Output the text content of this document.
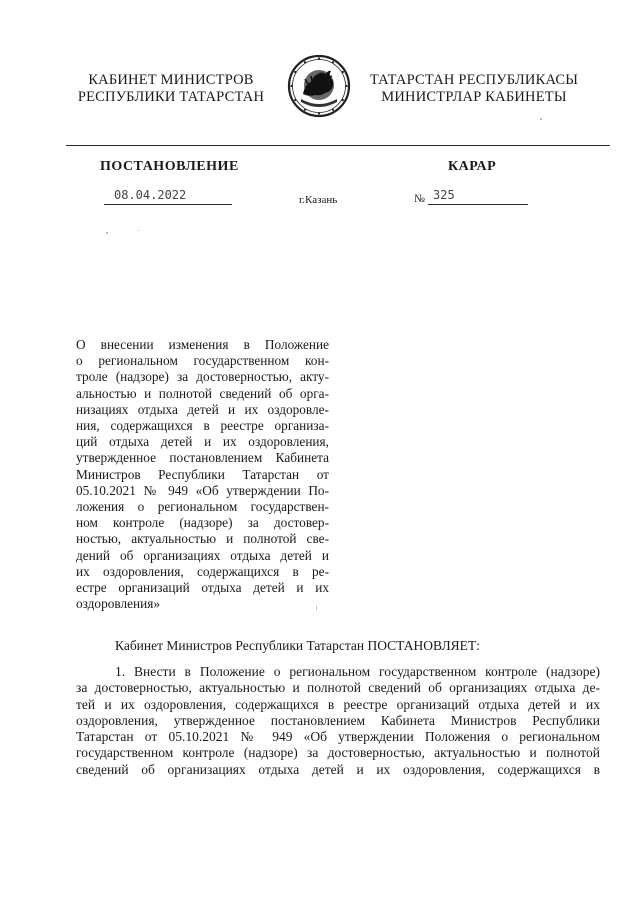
КАБИНЕТ МИНИСТРОВ
РЕСПУБЛИКИ ТАТАРСТАН
ТАТАРСТАН РЕСПУБЛИКАСЫ
МИНИСТРЛАР КАБИНЕТЫ
ПОСТАНОВЛЕНИЕ	КАРАР
08.04.2022	г.Казань	№ 325
О внесении изменения в Положение
о региональном государственном кон-
троле (надзоре) за достоверностью, акту-
альностью и полнотой сведений об орга-
низациях отдыха детей и их оздоровле-
ния, содержащихся в реестре организа-
ций отдыха детей и их оздоровления,
утвержденное постановлением Кабинета
Министров Республики Татарстан от
05.10.2021 № 949 «Об утверждении По-
ложения о региональном государствен-
ном контроле (надзоре) за достовер-
ностью, актуальностью и полнотой све-
дений об организациях отдыха детей и
их оздоровления, содержащихся в ре-
естре организаций отдыха детей и их
оздоровления»
Кабинет Министров Республики Татарстан ПОСТАНОВЛЯЕТ:
1. Внести в Положение о региональном государственном контроле (надзоре)
за достоверностью, актуальностью и полнотой сведений об организациях отдыха де-
тей и их оздоровления, содержащихся в реестре организаций отдыха детей и их
оздоровления, утвержденное постановлением Кабинета Министров Республики
Татарстан от 05.10.2021 № 949 «Об утверждении Положения о региональном
государственном контроле (надзоре) за достоверностью, актуальностью и полнотой
сведений об организациях отдыха детей и их оздоровления, содержащихся в
